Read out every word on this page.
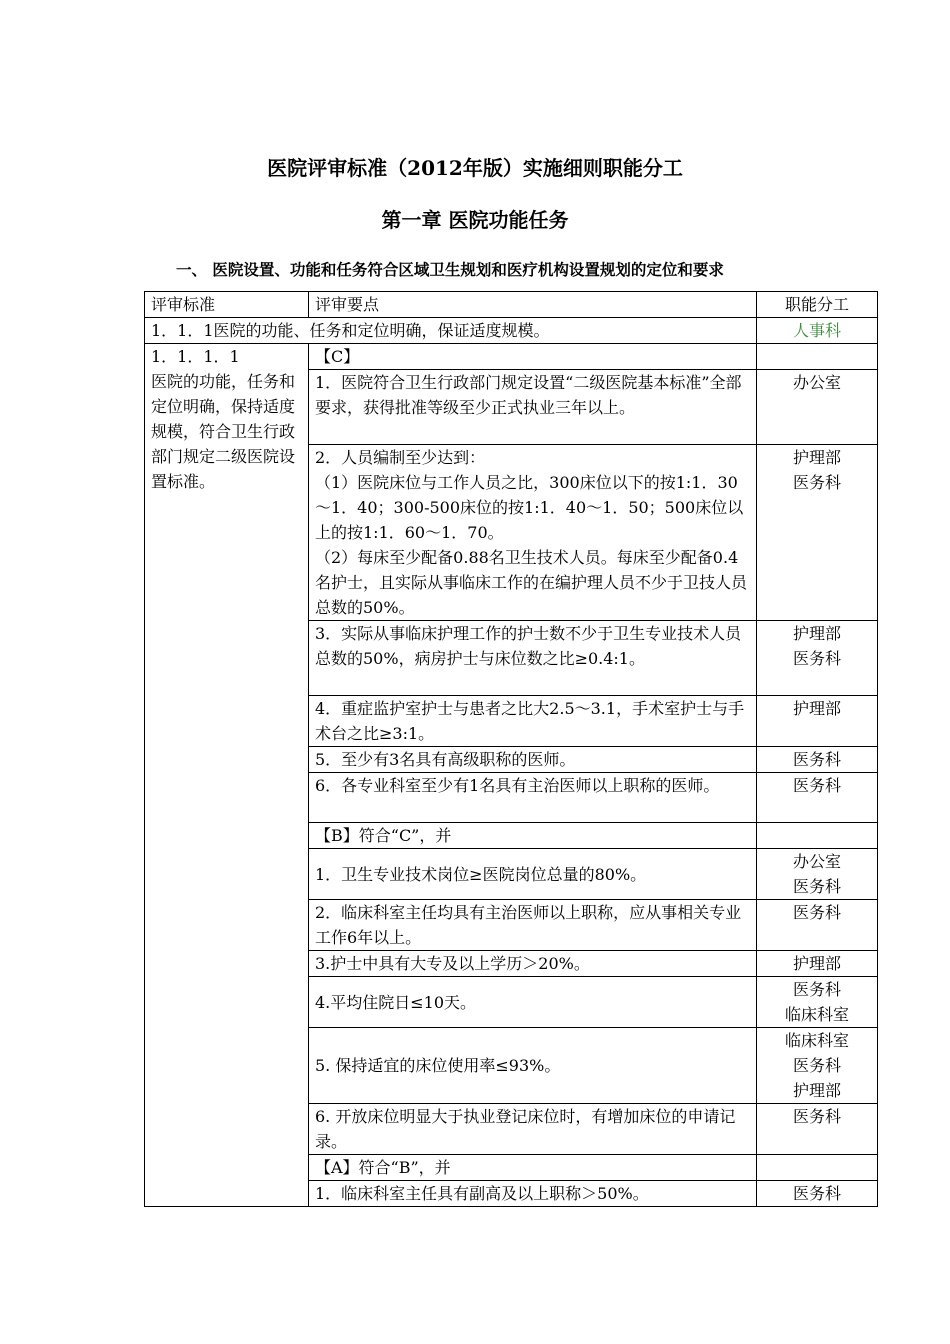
医院评审标准（2012年版）实施细则职能分工
第一章 医院功能任务
一、 医院设置、功能和任务符合区域卫生规划和医疗机构设置规划的定位和要求
评审标准	评审要点	职能分工
1．1．1医院的功能、任务和定位明确，保证适度规模。		人事科
1．1．1．1
医院的功能，任务和定位明确，保持适度规模，符合卫生行政部门规定二级医院设置标准。	【C】	
	1．医院符合卫生行政部门规定设置“二级医院基本标准”全部要求，获得批准等级至少正式执业三年以上。	办公室
	2．人员编制至少达到：
（1）医院床位与工作人员之比，300床位以下的按1:1．30～1．40；300-500床位的按1:1．40～1．50；500床位以上的按1:1．60～1．70。
（2）每床至少配备0.88名卫生技术人员。每床至少配备0.4名护士，且实际从事临床工作的在编护理人员不少于卫技人员总数的50%。	护理部
医务科
	3．实际从事临床护理工作的护士数不少于卫生专业技术人员总数的50%，病房护士与床位数之比≥0.4:1。	护理部
医务科
	4．重症监护室护士与患者之比大2.5～3.1，手术室护士与手术台之比≥3:1。	护理部
	5．至少有3名具有高级职称的医师。	医务科
	6．各专业科室至少有1名具有主治医师以上职称的医师。	医务科
	【B】符合“C”，并	
	1．卫生专业技术岗位≥医院岗位总量的80%。	办公室
医务科
	2．临床科室主任均具有主治医师以上职称，应从事相关专业工作6年以上。	医务科
	3.护士中具有大专及以上学历＞20%。	护理部
	4.平均住院日≤10天。	医务科
临床科室
	5. 保持适宜的床位使用率≤93%。	临床科室
医务科
护理部
	6. 开放床位明显大于执业登记床位时，有增加床位的申请记录。	医务科
	【A】符合“B”，并	
	1．临床科室主任具有副高及以上职称＞50%。	医务科
